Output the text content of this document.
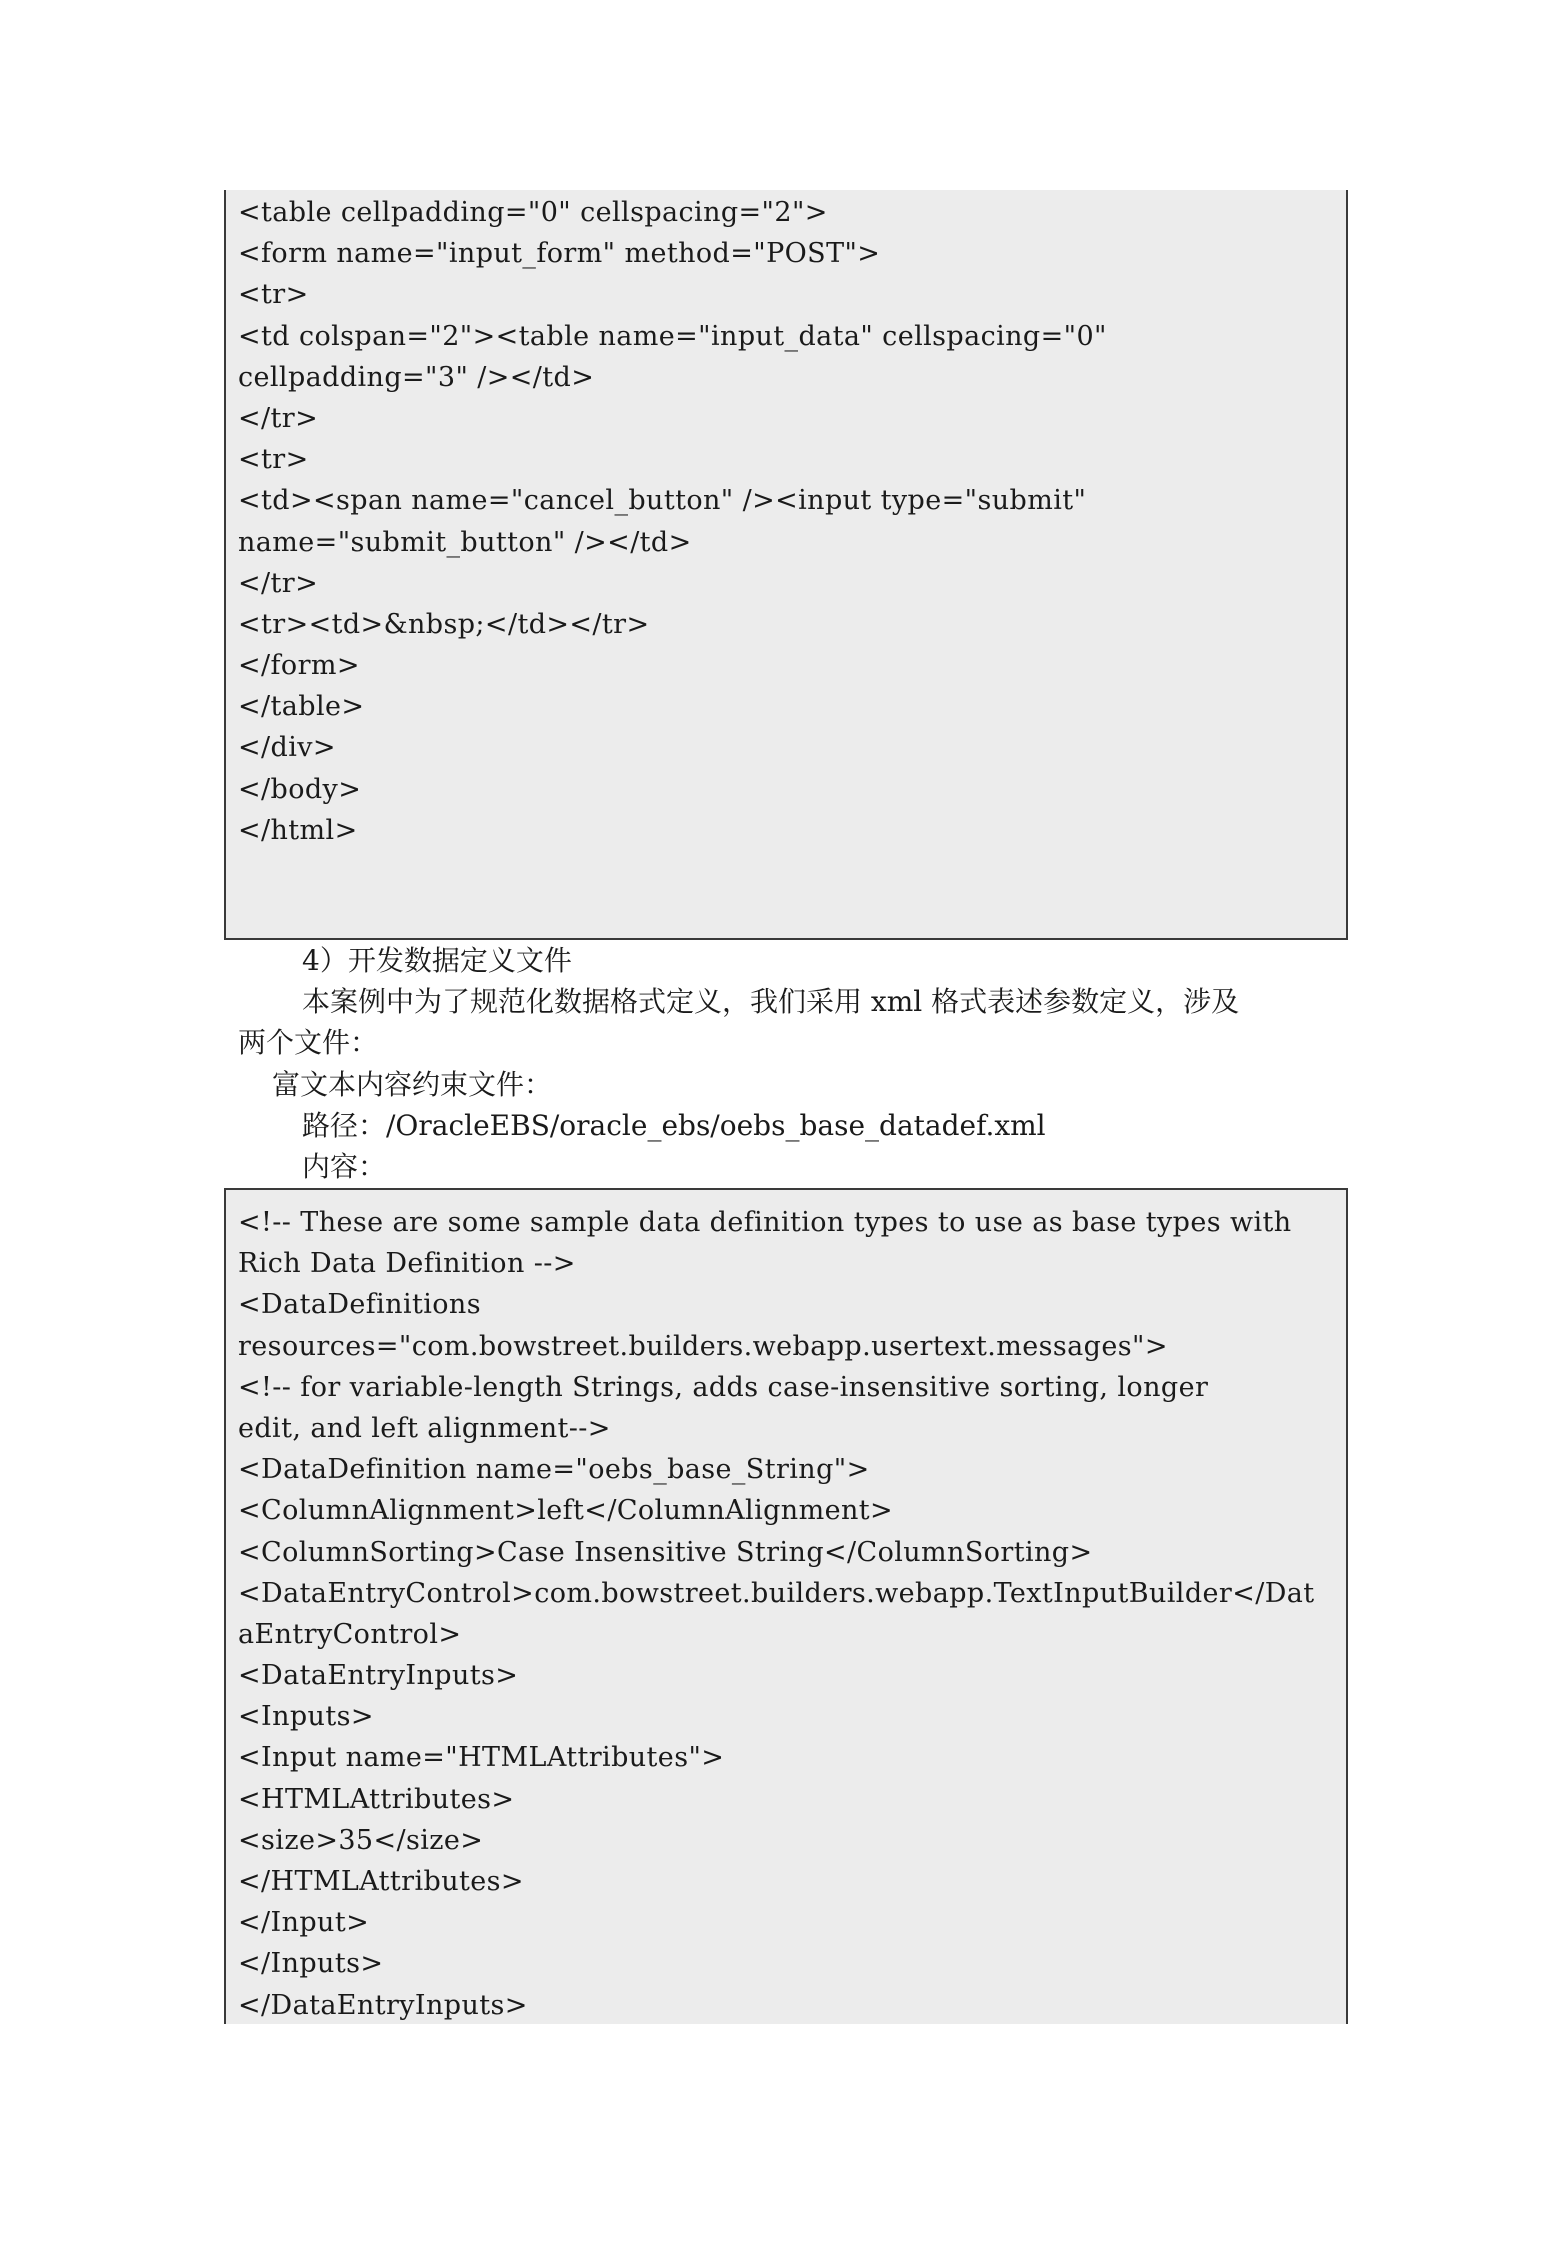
<table cellpadding="0" cellspacing="2">
<form name="input_form" method="POST">
<tr>
<td colspan="2"><table name="input_data" cellspacing="0"
cellpadding="3" /></td>
</tr>
<tr>
<td><span name="cancel_button" /><input type="submit"
name="submit_button" /></td>
</tr>
<tr><td>&nbsp;</td></tr>
</form>
</table>
</div>
</body>
</html>
4）开发数据定义文件
本案例中为了规范化数据格式定义，我们采用 xml 格式表述参数定义，涉及
两个文件：
富文本内容约束文件：
路径：/OracleEBS/oracle_ebs/oebs_base_datadef.xml
内容：
<!-- These are some sample data definition types to use as base types with
Rich Data Definition -->
<DataDefinitions
resources="com.bowstreet.builders.webapp.usertext.messages">
<!-- for variable-length Strings, adds case-insensitive sorting, longer
edit, and left alignment-->
<DataDefinition name="oebs_base_String">
<ColumnAlignment>left</ColumnAlignment>
<ColumnSorting>Case Insensitive String</ColumnSorting>
<DataEntryControl>com.bowstreet.builders.webapp.TextInputBuilder</Dat
aEntryControl>
<DataEntryInputs>
<Inputs>
<Input name="HTMLAttributes">
<HTMLAttributes>
<size>35</size>
</HTMLAttributes>
</Input>
</Inputs>
</DataEntryInputs>
